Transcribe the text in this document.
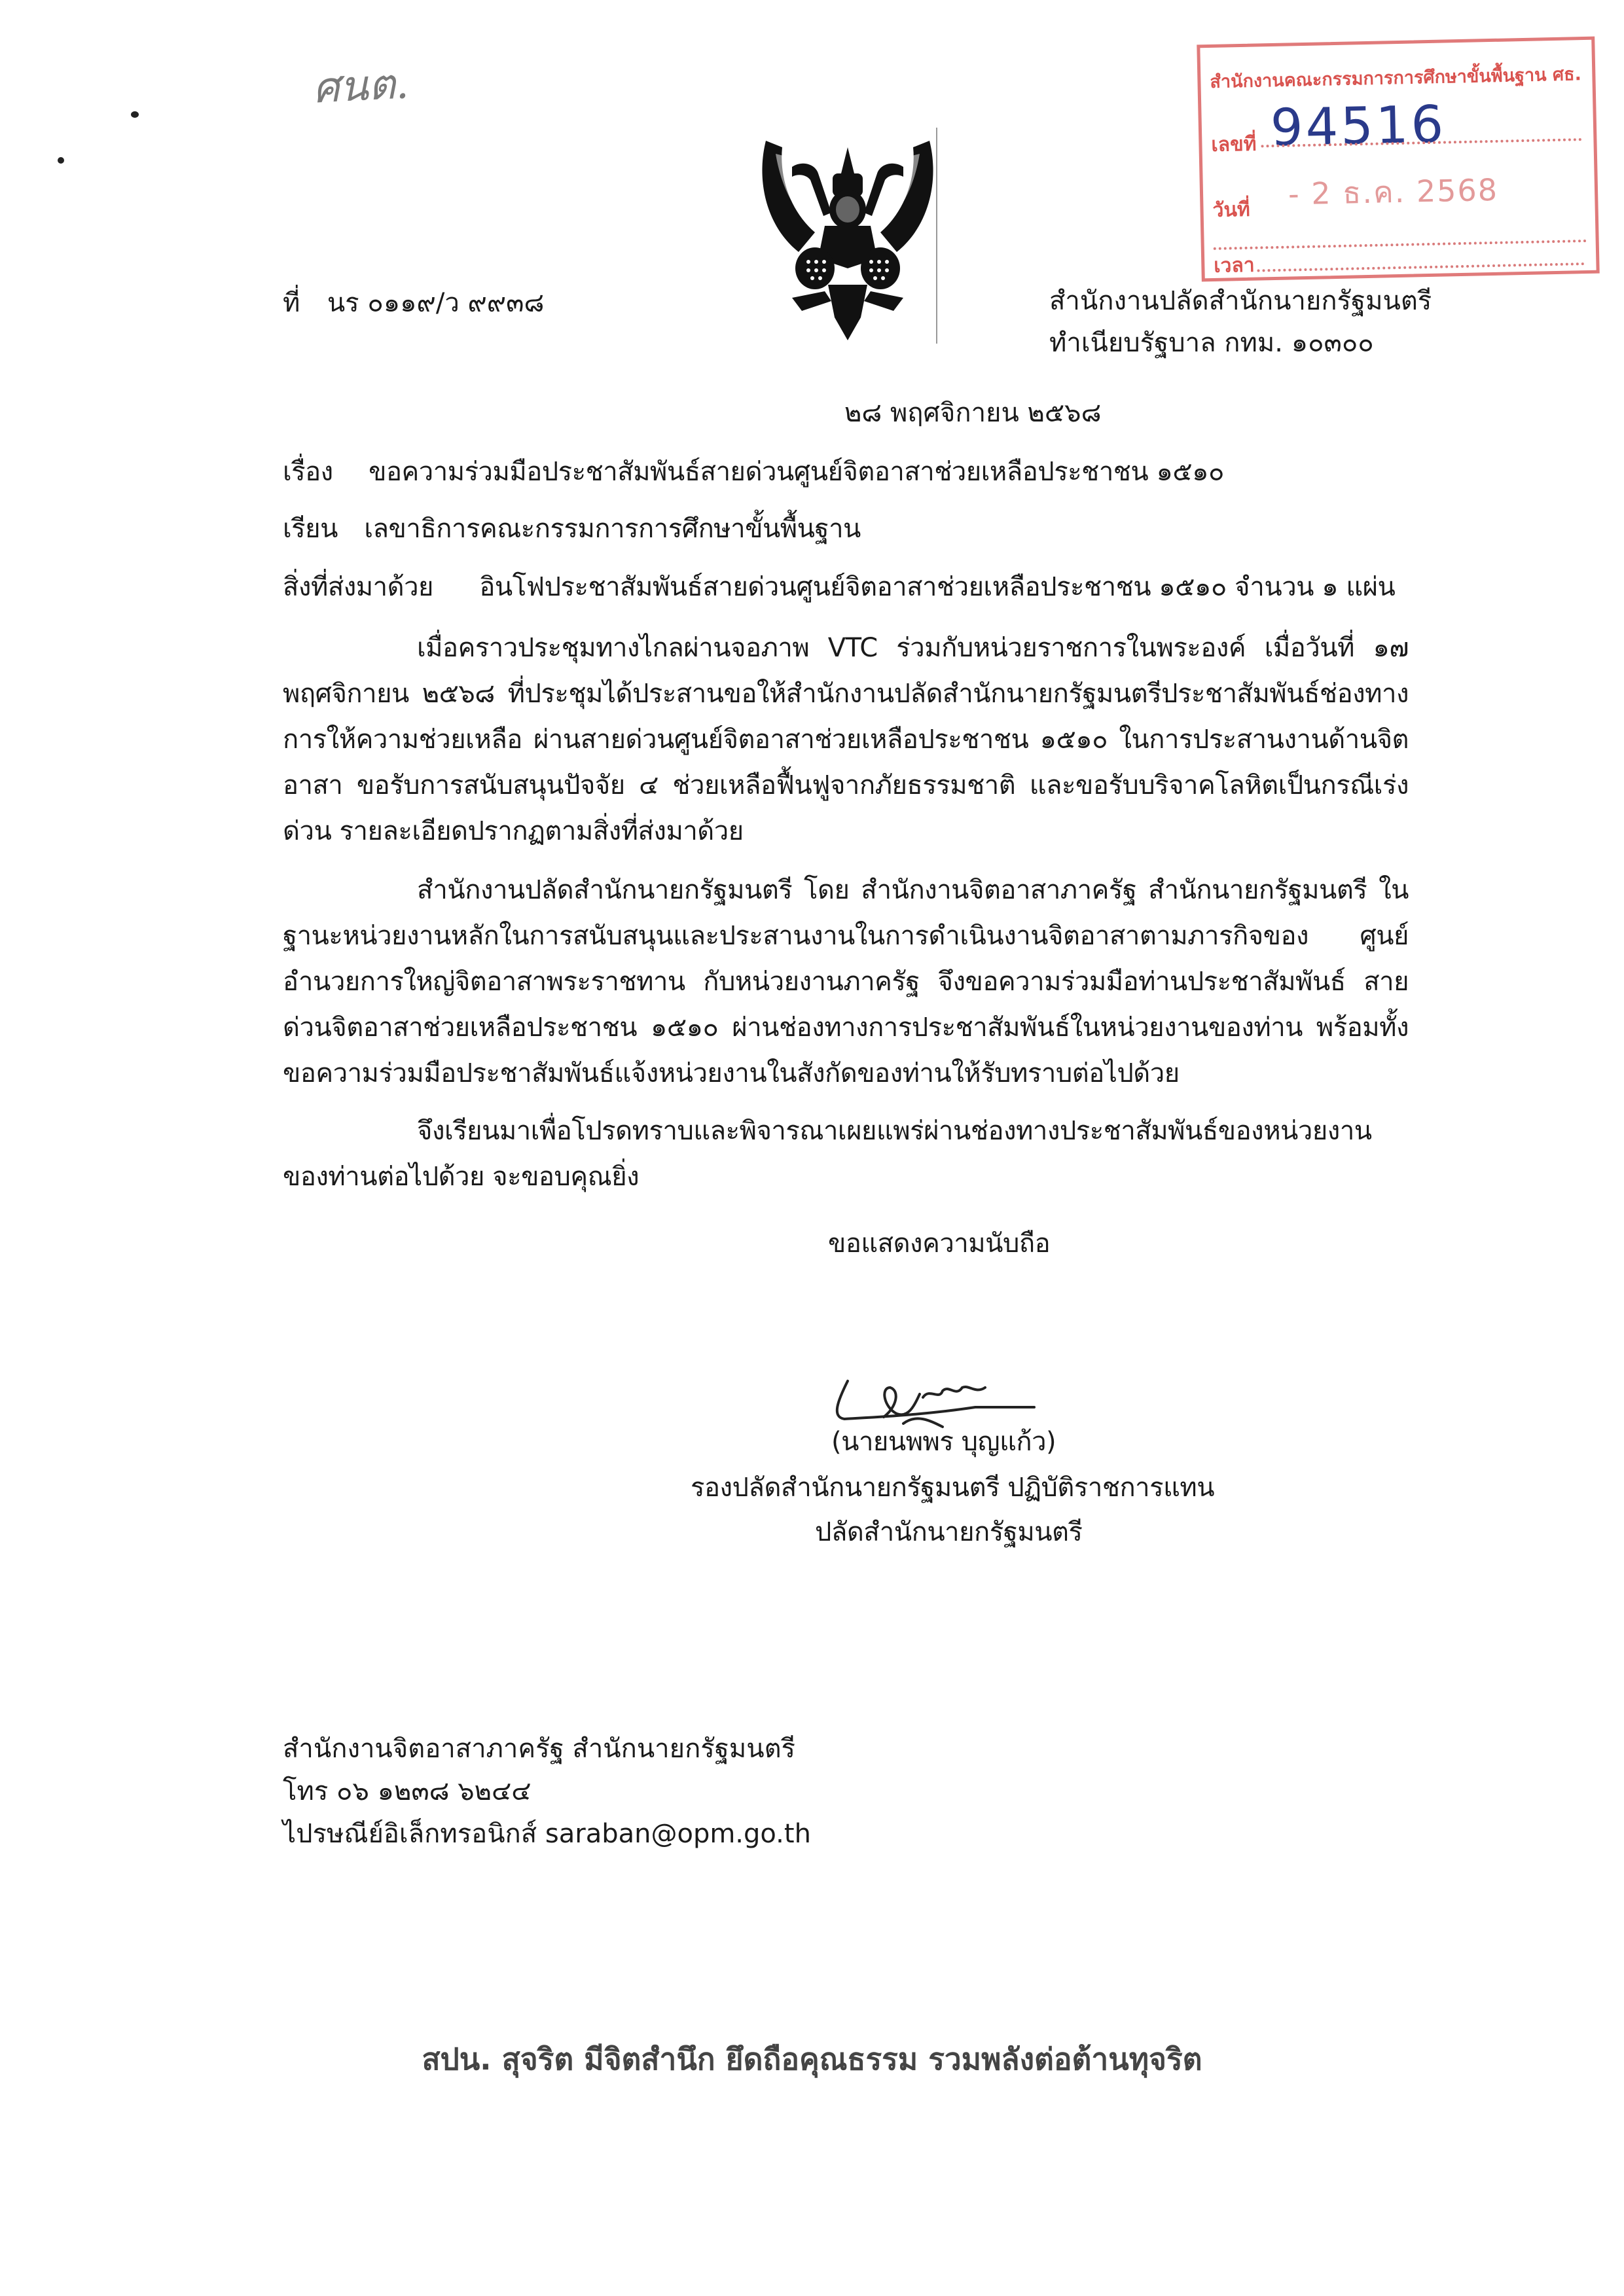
ศนต.	สำนักงานคณะกรรมการการศึกษาขั้นพื้นฐาน ศธ.
94516
เลขที่
- 2 ธ.ค. 2568
วันที่
เวลา
ที่ นร ๐๑๑๙/ว ๙๙๓๘	สำนักงานปลัดสำนักนายกรัฐมนตรี
ทำเนียบรัฐบาล กทม. ๑๐๓๐๐
๒๘ พฤศจิกายน ๒๕๖๘
เรื่อง ขอความร่วมมือประชาสัมพันธ์สายด่วนศูนย์จิตอาสาช่วยเหลือประชาชน ๑๕๑๐
เรียน เลขาธิการคณะกรรมการการศึกษาขั้นพื้นฐาน
สิ่งที่ส่งมาด้วย อินโฟประชาสัมพันธ์สายด่วนศูนย์จิตอาสาช่วยเหลือประชาชน ๑๕๑๐ จำนวน ๑ แผ่น
เมื่อคราวประชุมทางไกลผ่านจอภาพ VTC ร่วมกับหน่วยราชการในพระองค์ เมื่อวันที่ ๑๗ พฤศจิกายน ๒๕๖๘ ที่ประชุมได้ประสานขอให้สำนักงานปลัดสำนักนายกรัฐมนตรีประชาสัมพันธ์ช่องทาง การให้ความช่วยเหลือ ผ่านสายด่วนศูนย์จิตอาสาช่วยเหลือประชาชน ๑๕๑๐ ในการประสานงานด้านจิตอาสา ขอรับการสนับสนุนปัจจัย ๔ ช่วยเหลือฟื้นฟูจากภัยธรรมชาติ และขอรับบริจาคโลหิตเป็นกรณีเร่งด่วน รายละเอียดปรากฏตามสิ่งที่ส่งมาด้วย
สำนักงานปลัดสำนักนายกรัฐมนตรี โดย สำนักงานจิตอาสาภาครัฐ สำนักนายกรัฐมนตรี ในฐานะหน่วยงานหลักในการสนับสนุนและประสานงานในการดำเนินงานจิตอาสาตามภารกิจของ ศูนย์อำนวยการใหญ่จิตอาสาพระราชทาน กับหน่วยงานภาครัฐ จึงขอความร่วมมือท่านประชาสัมพันธ์ สายด่วนจิตอาสาช่วยเหลือประชาชน ๑๕๑๐ ผ่านช่องทางการประชาสัมพันธ์ในหน่วยงานของท่าน พร้อมทั้งขอความร่วมมือประชาสัมพันธ์แจ้งหน่วยงานในสังกัดของท่านให้รับทราบต่อไปด้วย
จึงเรียนมาเพื่อโปรดทราบและพิจารณาเผยแพร่ผ่านช่องทางประชาสัมพันธ์ของหน่วยงาน ของท่านต่อไปด้วย จะขอบคุณยิ่ง
ขอแสดงความนับถือ
(นายนพพร บุญแก้ว)
รองปลัดสำนักนายกรัฐมนตรี ปฏิบัติราชการแทน
ปลัดสำนักนายกรัฐมนตรี
สำนักงานจิตอาสาภาครัฐ สำนักนายกรัฐมนตรี
โทร ๐๖ ๑๒๓๘ ๖๒๔๔
ไปรษณีย์อิเล็กทรอนิกส์ saraban@opm.go.th
สปน. สุจริต มีจิตสำนึก ยึดถือคุณธรรม รวมพลังต่อต้านทุจริต
